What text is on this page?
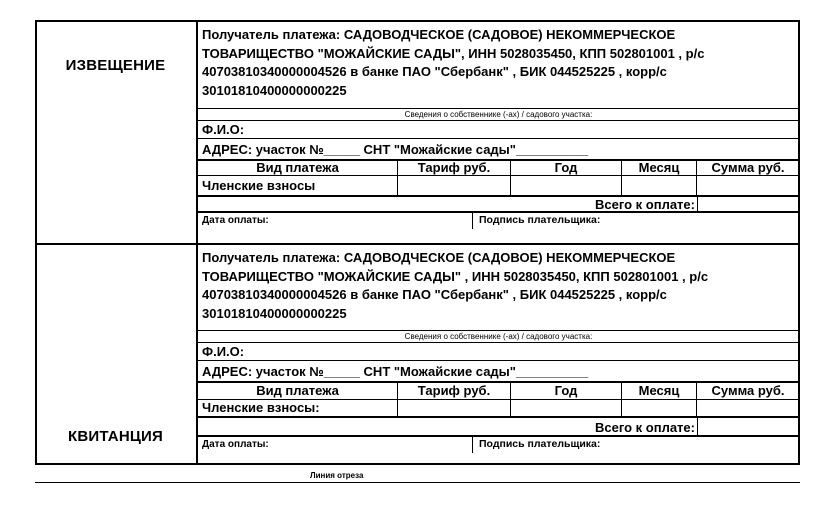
ИЗВЕЩЕНИЕ
КВИТАНЦИЯ
Получатель платежа: САДОВОДЧЕСКОЕ (САДОВОЕ) НЕКОММЕРЧЕСКОЕ
ТОВАРИЩЕСТВО "МОЖАЙСКИЕ САДЫ", ИНН 5028035450, КПП 502801001 , р/с
40703810340000004526 в банке ПАО "Сбербанк" , БИК 044525225 , корр/с
30101810400000000225
Сведения о собственнике (-ах) / садового участка:
Ф.И.О:
АДРЕС: участок №_____ СНТ "Можайские сады"__________
Вид платежа	Тариф руб.	Год	Месяц	Сумма руб.
Членские взносы
Всего к оплате:
Дата оплаты:	Подпись плательщика:
Получатель платежа: САДОВОДЧЕСКОЕ (САДОВОЕ) НЕКОММЕРЧЕСКОЕ
ТОВАРИЩЕСТВО "МОЖАЙСКИЕ САДЫ" , ИНН 5028035450, КПП 502801001 , р/с
40703810340000004526 в банке ПАО "Сбербанк" , БИК 044525225 , корр/с
30101810400000000225
Сведения о собственнике (-ах) / садового участка:
Ф.И.О:
АДРЕС: участок №_____ СНТ "Можайские сады"__________
Вид платежа	Тариф руб.	Год	Месяц	Сумма руб.
Членские взносы:
Всего к оплате:
Дата оплаты:	Подпись плательщика:
Линия отреза
